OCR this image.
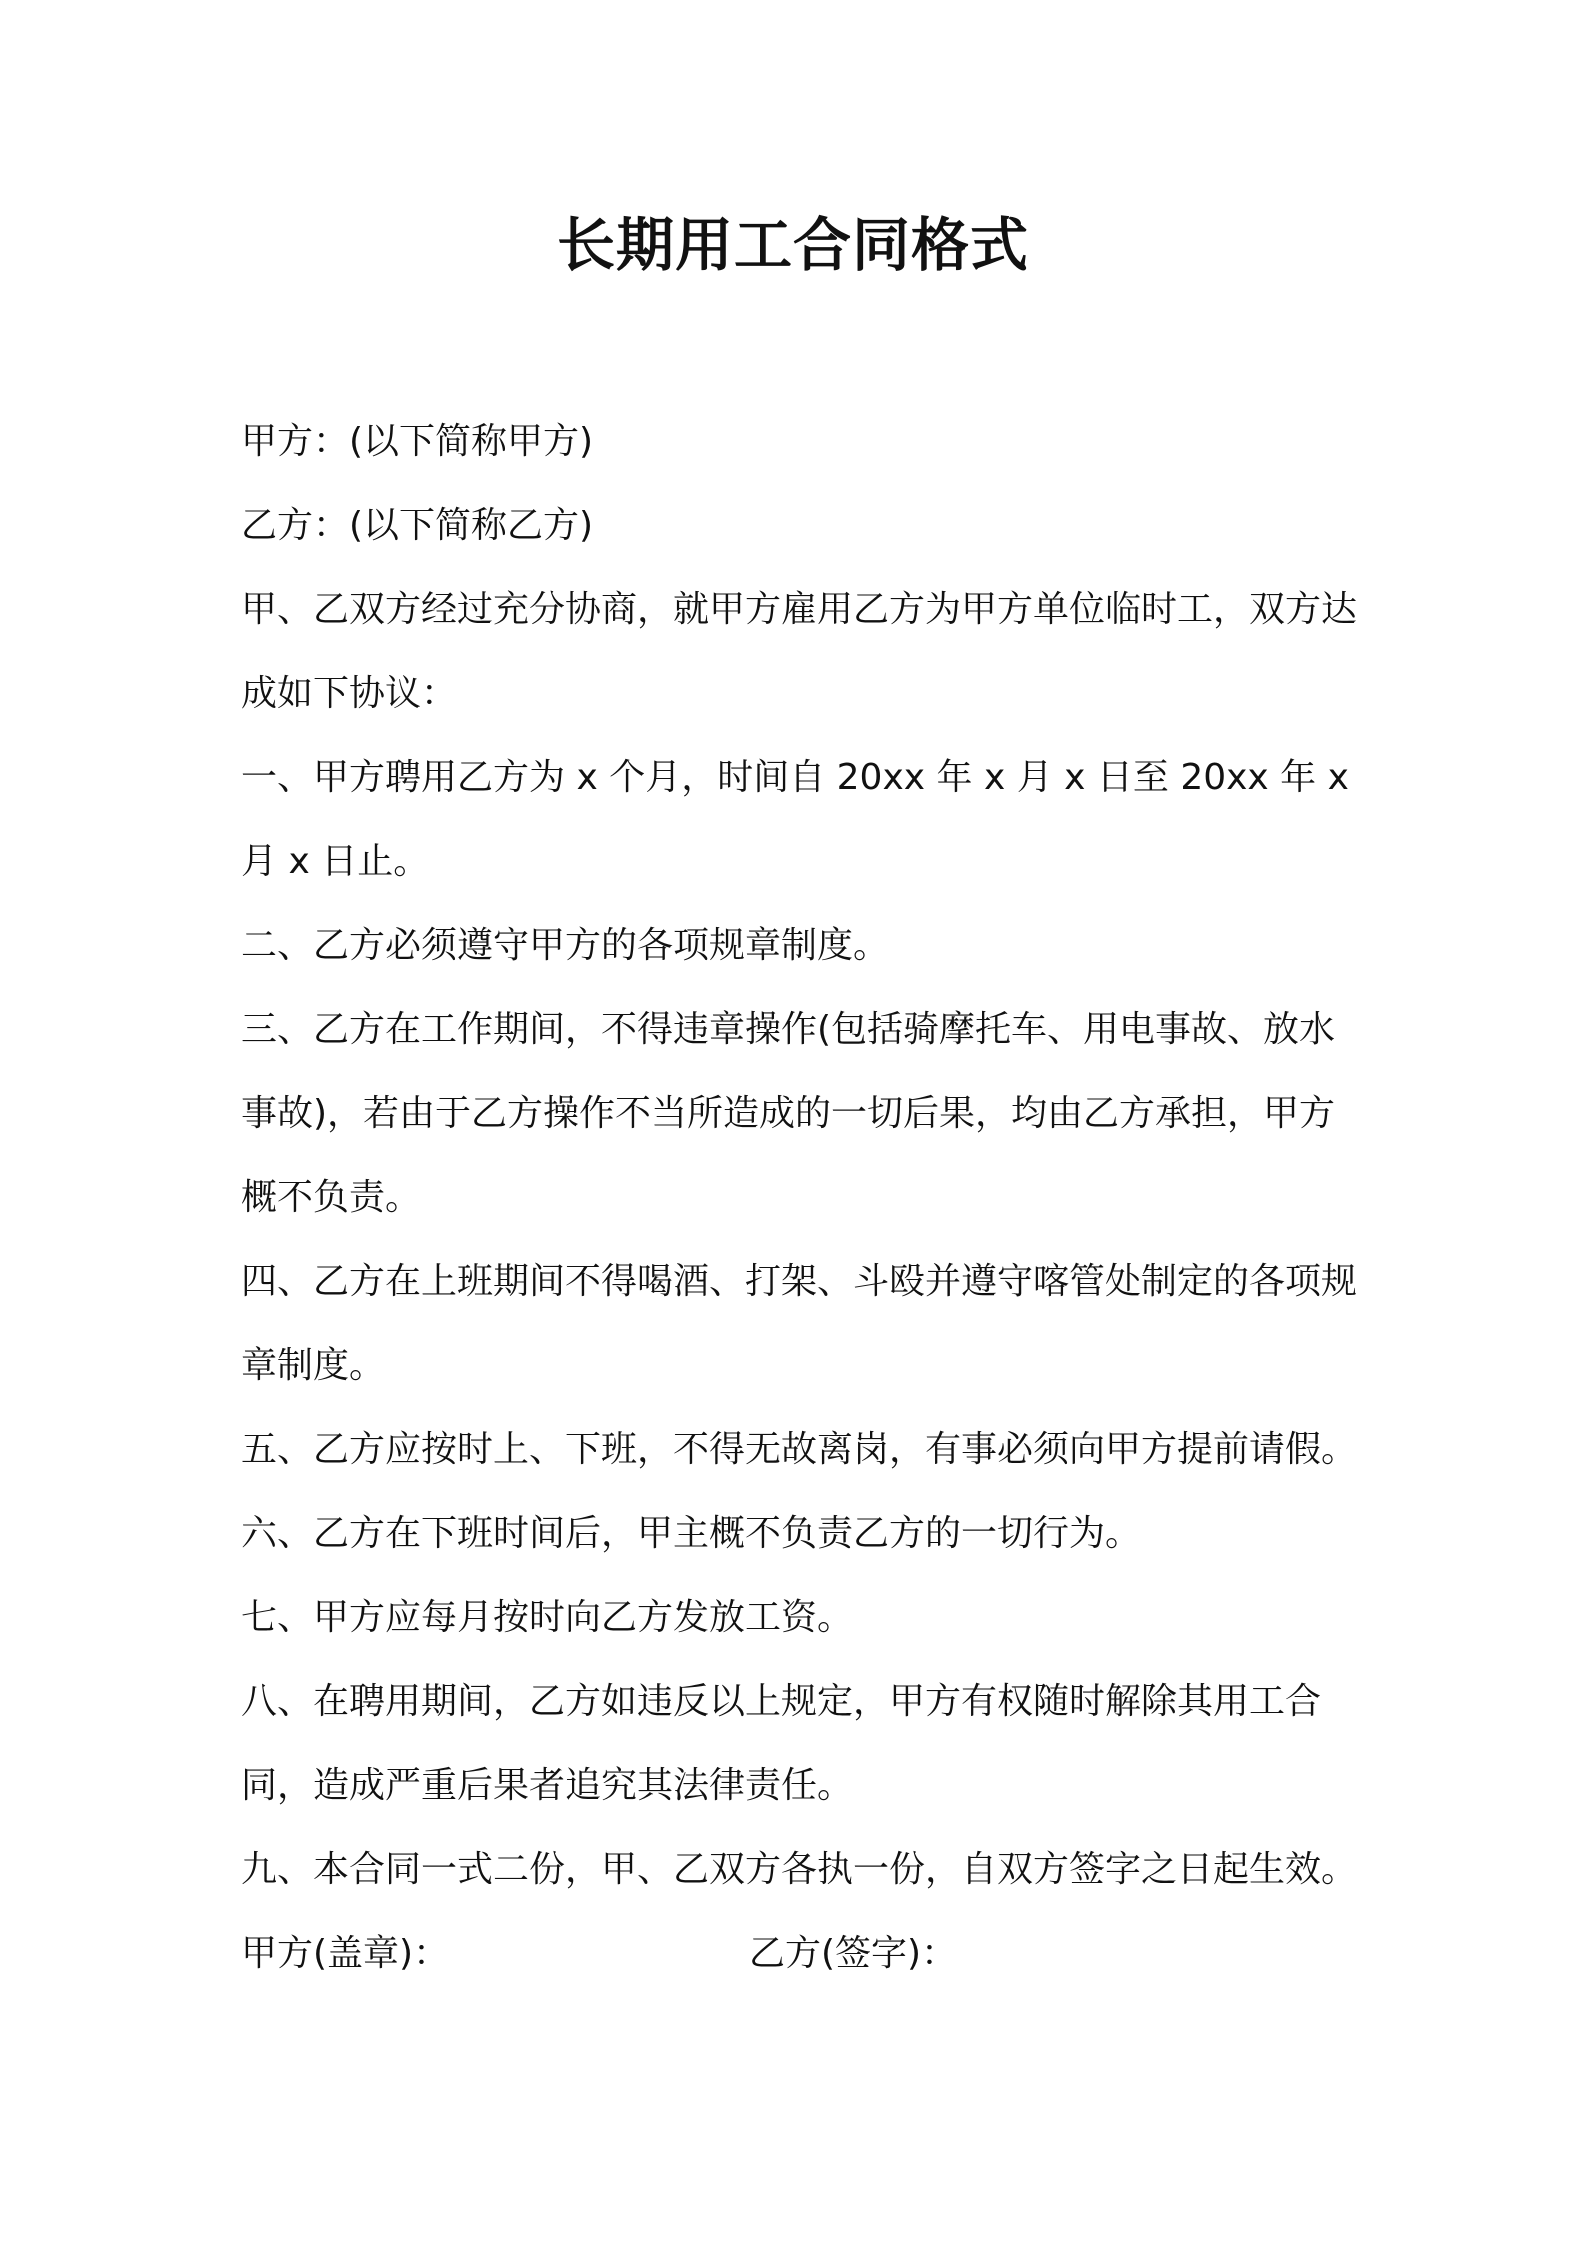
长期用工合同格式

甲方：(以下简称甲方)

乙方：(以下简称乙方)

甲、乙双方经过充分协商，就甲方雇用乙方为甲方单位临时工，双方达成如下协议：

一、甲方聘用乙方为 x 个月，时间自 20xx 年 x 月 x 日至 20xx 年 x 月 x 日止。

二、乙方必须遵守甲方的各项规章制度。

三、乙方在工作期间，不得违章操作(包括骑摩托车、用电事故、放水事故)，若由于乙方操作不当所造成的一切后果，均由乙方承担，甲方概不负责。

四、乙方在上班期间不得喝酒、打架、斗殴并遵守喀管处制定的各项规章制度。

五、乙方应按时上、下班，不得无故离岗，有事必须向甲方提前请假。

六、乙方在下班时间后，甲主概不负责乙方的一切行为。

七、甲方应每月按时向乙方发放工资。

八、在聘用期间，乙方如违反以上规定，甲方有权随时解除其用工合同，造成严重后果者追究其法律责任。

九、本合同一式二份，甲、乙双方各执一份，自双方签字之日起生效。

甲方(盖章)：	乙方(签字)：
